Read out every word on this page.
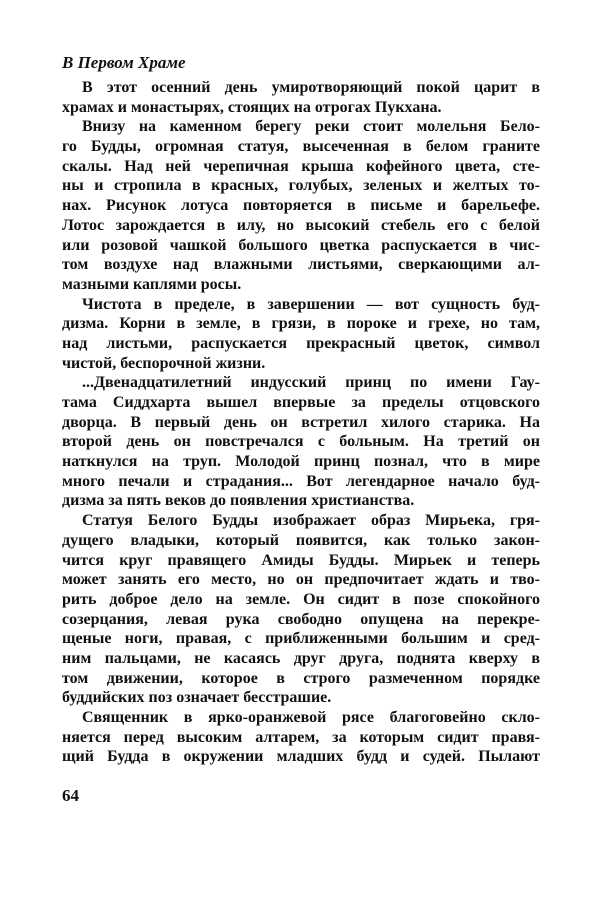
В Первом Храме
В этот осенний день умиротворяющий покой царит в
храмах и монастырях, стоящих на отрогах Пукхана.
Внизу на каменном берегу реки стоит молельня Бело-
го Будды, огромная статуя, высеченная в белом граните
скалы. Над ней черепичная крыша кофейного цвета, сте-
ны и стропила в красных, голубых, зеленых и желтых то-
нах. Рисунок лотуса повторяется в письме и барельефе.
Лотос зарождается в илу, но высокий стебель его с белой
или розовой чашкой большого цветка распускается в чис-
том воздухе над влажными листьями, сверкающими ал-
мазными каплями росы.
Чистота в пределе, в завершении — вот сущность буд-
дизма. Корни в земле, в грязи, в пороке и грехе, но там,
над листьми, распускается прекрасный цветок, символ
чистой, беспорочной жизни.
...Двенадцатилетний индусский принц по имени Гау-
тама Сиддхарта вышел впервые за пределы отцовского
дворца. В первый день он встретил хилого старика. На
второй день он повстречался с больным. На третий он
наткнулся на труп. Молодой принц познал, что в мире
много печали и страдания... Вот легендарное начало буд-
дизма за пять веков до появления христианства.
Статуя Белого Будды изображает образ Мирьека, гря-
дущего владыки, который появится, как только закон-
чится круг правящего Амиды Будды. Мирьек и теперь
может занять его место, но он предпочитает ждать и тво-
рить доброе дело на земле. Он сидит в позе спокойного
созерцания, левая рука свободно опущена на перекре-
щеные ноги, правая, с приближенными большим и сред-
ним пальцами, не касаясь друг друга, поднята кверху в
том движении, которое в строго размеченном порядке
буддийских поз означает бесстрашие.
Священник в ярко-оранжевой рясе благоговейно скло-
няется перед высоким алтарем, за которым сидит правя-
щий Будда в окружении младших будд и судей. Пылают
64
